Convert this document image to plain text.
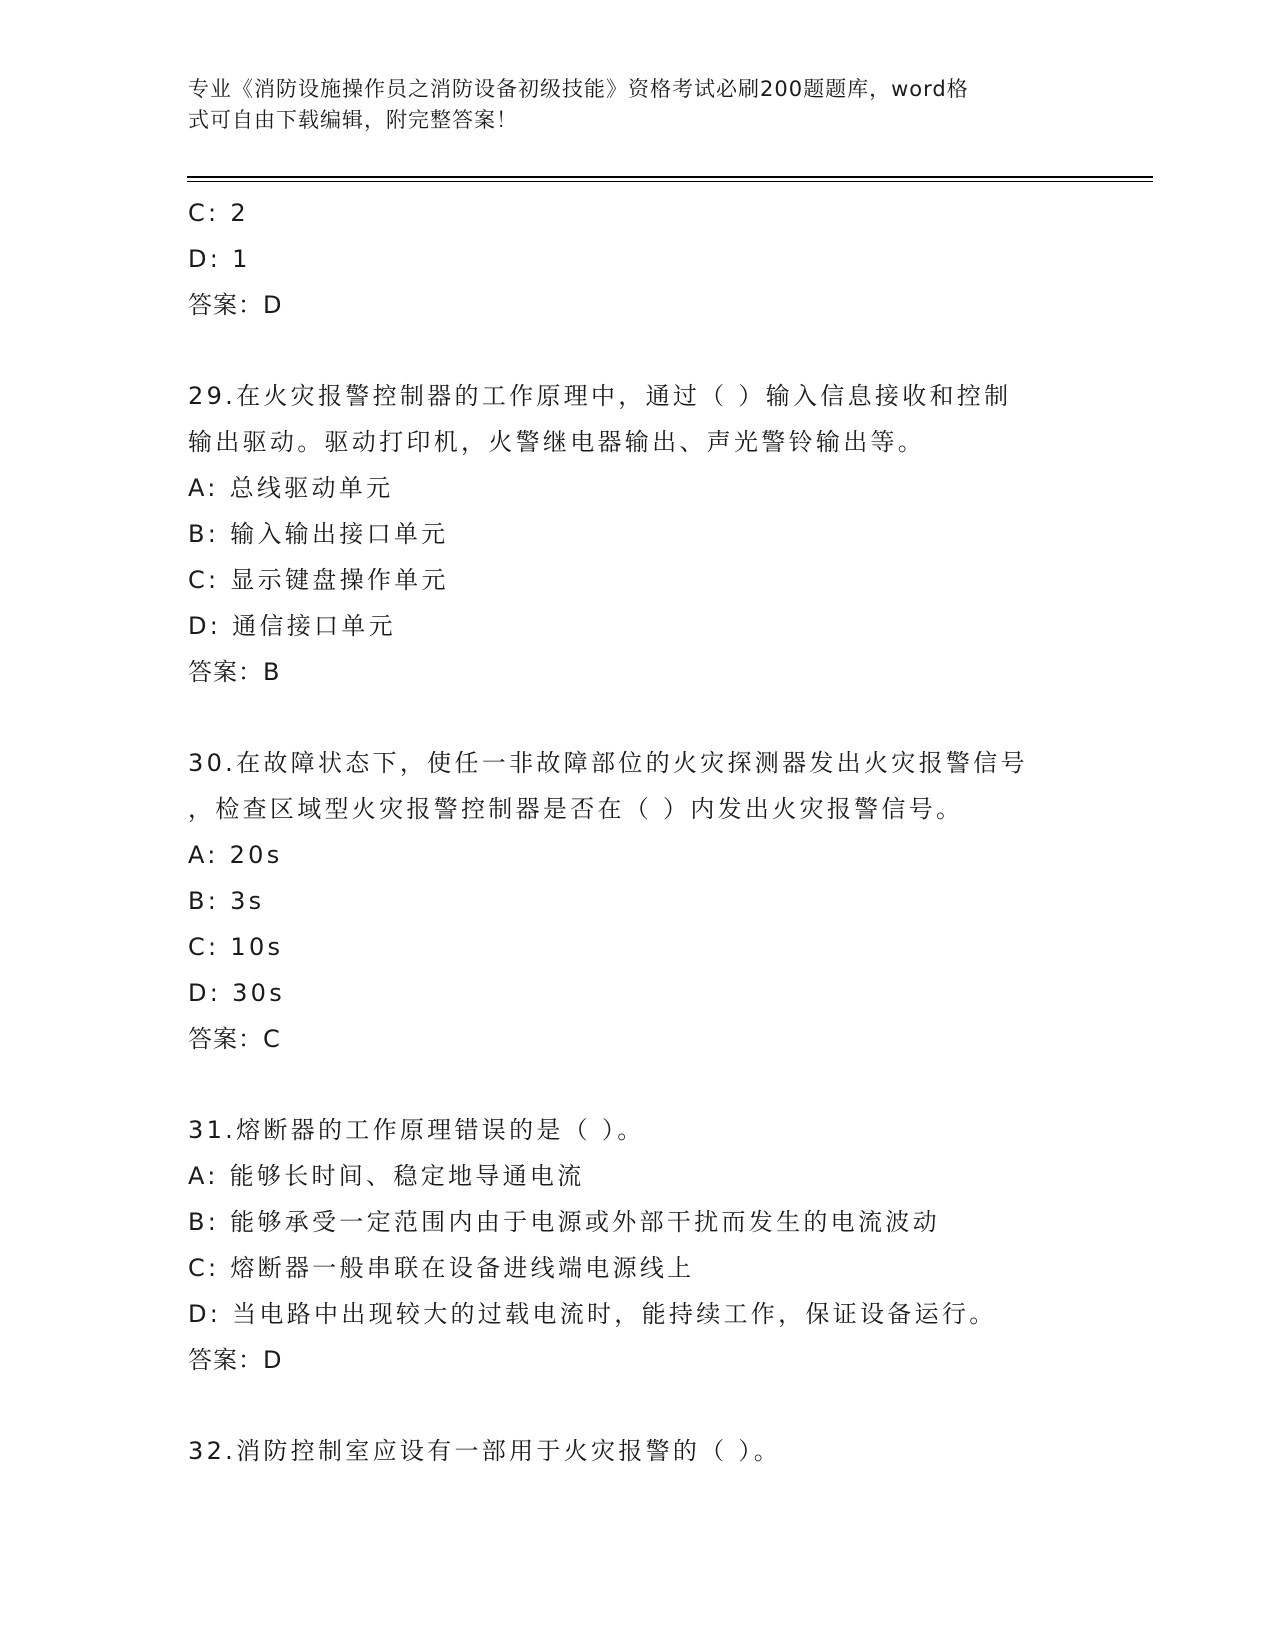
专业《消防设施操作员之消防设备初级技能》资格考试必刷200题题库，word格
式可自由下载编辑，附完整答案！
C: 2
D: 1
答案：D
29.在火灾报警控制器的工作原理中，通过（ ）输入信息接收和控制
输出驱动。驱动打印机，火警继电器输出、声光警铃输出等。
A: 总线驱动单元
B: 输入输出接口单元
C: 显示键盘操作单元
D: 通信接口单元
答案：B
30.在故障状态下，使任一非故障部位的火灾探测器发出火灾报警信号
，检查区域型火灾报警控制器是否在（ ）内发出火灾报警信号。
A: 20s
B: 3s
C: 10s
D: 30s
答案：C
31.熔断器的工作原理错误的是（ ）。
A: 能够长时间、稳定地导通电流
B: 能够承受一定范围内由于电源或外部干扰而发生的电流波动
C: 熔断器一般串联在设备进线端电源线上
D: 当电路中出现较大的过载电流时，能持续工作，保证设备运行。
答案：D
32.消防控制室应设有一部用于火灾报警的（ ）。
